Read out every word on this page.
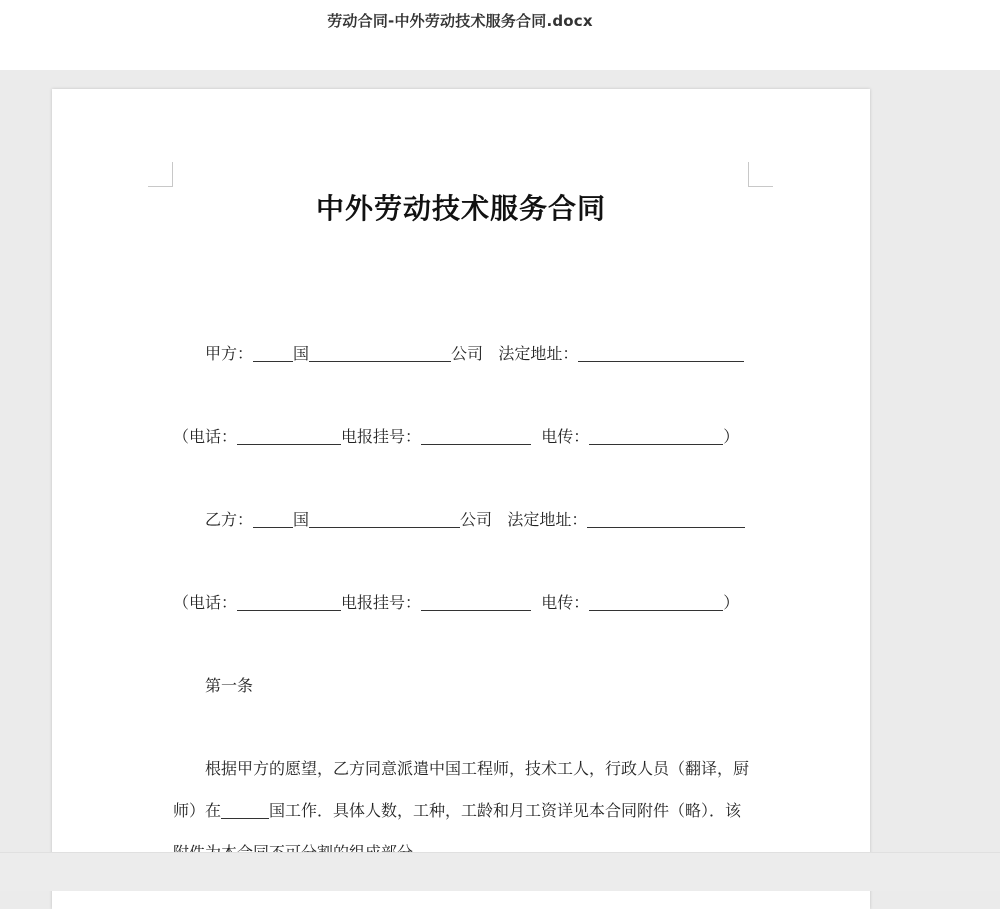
劳动合同-中外劳动技术服务合同.docx
中外劳动技术服务合同
甲方：	国	公司 法定地址：
（电话：	电报挂号：	电传：	）
乙方：	国	公司 法定地址：
（电话：	电报挂号：	电传：	）
第一条
根据甲方的愿望，乙方同意派遣中国工程师，技术工人，行政人员（翻译，厨
师）在	国工作．具体人数，工种，工龄和月工资详见本合同附件（略）．该
